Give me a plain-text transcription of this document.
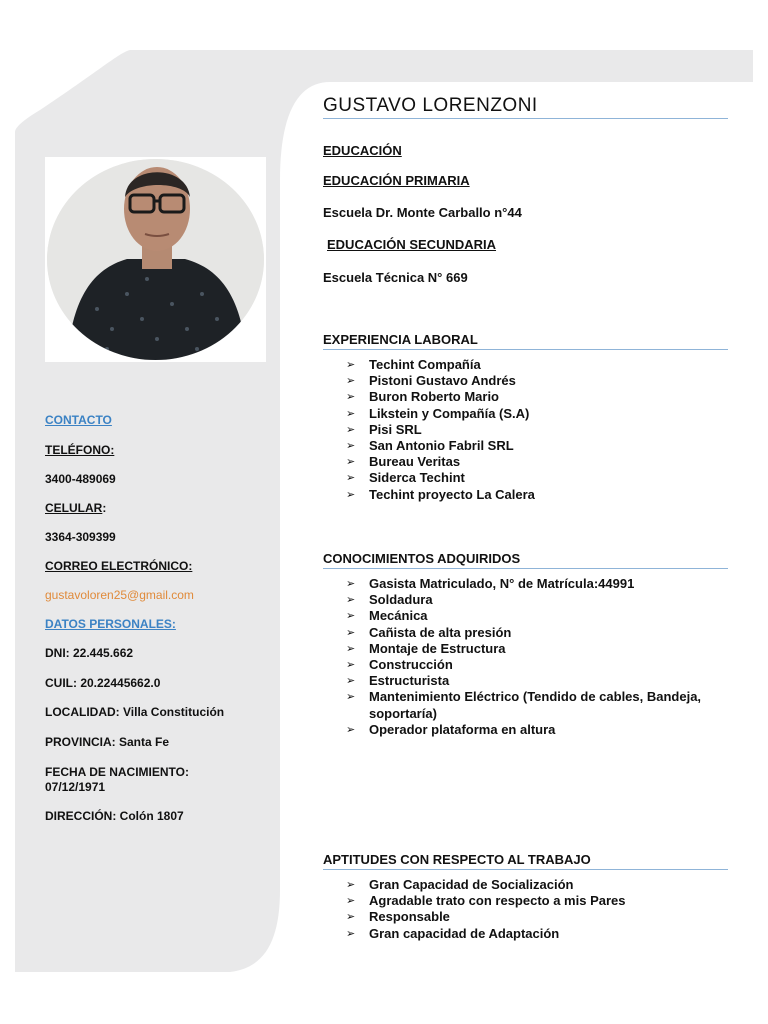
CONTACTO
TELÉFONO:
3400-489069
CELULAR:
3364-309399
CORREO ELECTRÓNICO:
gustavoloren25@gmail.com
DATOS PERSONALES:
DNI: 22.445.662
CUIL: 20.22445662.0
LOCALIDAD: Villa Constitución
PROVINCIA: Santa Fe
FECHA DE NACIMIENTO: 07/12/1971
DIRECCIÓN: Colón 1807
GUSTAVO LORENZONI
EDUCACIÓN
EDUCACIÓN PRIMARIA
Escuela Dr. Monte Carballo n°44
EDUCACIÓN SECUNDARIA
Escuela Técnica N° 669
EXPERIENCIA LABORAL
➢ Techint Compañía
➢ Pistoni Gustavo Andrés
➢ Buron Roberto Mario
➢ Likstein y Compañía (S.A)
➢ Pisi SRL
➢ San Antonio Fabril SRL
➢ Bureau Veritas
➢ Siderca Techint
➢ Techint proyecto La Calera
CONOCIMIENTOS ADQUIRIDOS
➢ Gasista Matriculado, N° de Matrícula:44991
➢ Soldadura
➢ Mecánica
➢ Cañista de alta presión
➢ Montaje de Estructura
➢ Construcción
➢ Estructurista
➢ Mantenimiento Eléctrico (Tendido de cables, Bandeja, soportaría)
➢ Operador plataforma en altura
APTITUDES CON RESPECTO AL TRABAJO
➢ Gran Capacidad de Socialización
➢ Agradable trato con respecto a mis Pares
➢ Responsable
➢ Gran capacidad de Adaptación
